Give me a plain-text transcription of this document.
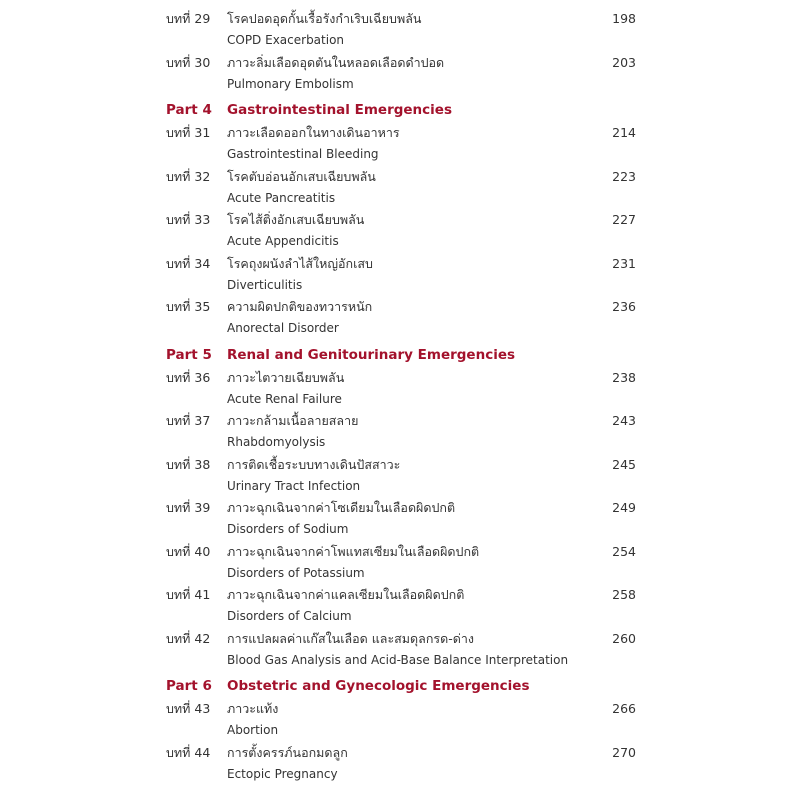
บทที่ 29	โรคปอดอุดกั้นเรื้อรังกำเริบเฉียบพลัน	198
COPD Exacerbation
บทที่ 30	ภาวะลิ่มเลือดอุดตันในหลอดเลือดดำปอด	203
Pulmonary Embolism
Part 4	Gastrointestinal Emergencies
บทที่ 31	ภาวะเลือดออกในทางเดินอาหาร	214
Gastrointestinal Bleeding
บทที่ 32	โรคตับอ่อนอักเสบเฉียบพลัน	223
Acute Pancreatitis
บทที่ 33	โรคไส้ติ่งอักเสบเฉียบพลัน	227
Acute Appendicitis
บทที่ 34	โรคถุงผนังลำไส้ใหญ่อักเสบ	231
Diverticulitis
บทที่ 35	ความผิดปกติของทวารหนัก	236
Anorectal Disorder
Part 5	Renal and Genitourinary Emergencies
บทที่ 36	ภาวะไตวายเฉียบพลัน	238
Acute Renal Failure
บทที่ 37	ภาวะกล้ามเนื้อลายสลาย	243
Rhabdomyolysis
บทที่ 38	การติดเชื้อระบบทางเดินปัสสาวะ	245
Urinary Tract Infection
บทที่ 39	ภาวะฉุกเฉินจากค่าโซเดียมในเลือดผิดปกติ	249
Disorders of Sodium
บทที่ 40	ภาวะฉุกเฉินจากค่าโพแทสเซียมในเลือดผิดปกติ	254
Disorders of Potassium
บทที่ 41	ภาวะฉุกเฉินจากค่าแคลเซียมในเลือดผิดปกติ	258
Disorders of Calcium
บทที่ 42	การแปลผลค่าแก๊สในเลือด และสมดุลกรด-ด่าง	260
Blood Gas Analysis and Acid-Base Balance Interpretation
Part 6	Obstetric and Gynecologic Emergencies
บทที่ 43	ภาวะแท้ง	266
Abortion
บทที่ 44	การตั้งครรภ์นอกมดลูก	270
Ectopic Pregnancy
